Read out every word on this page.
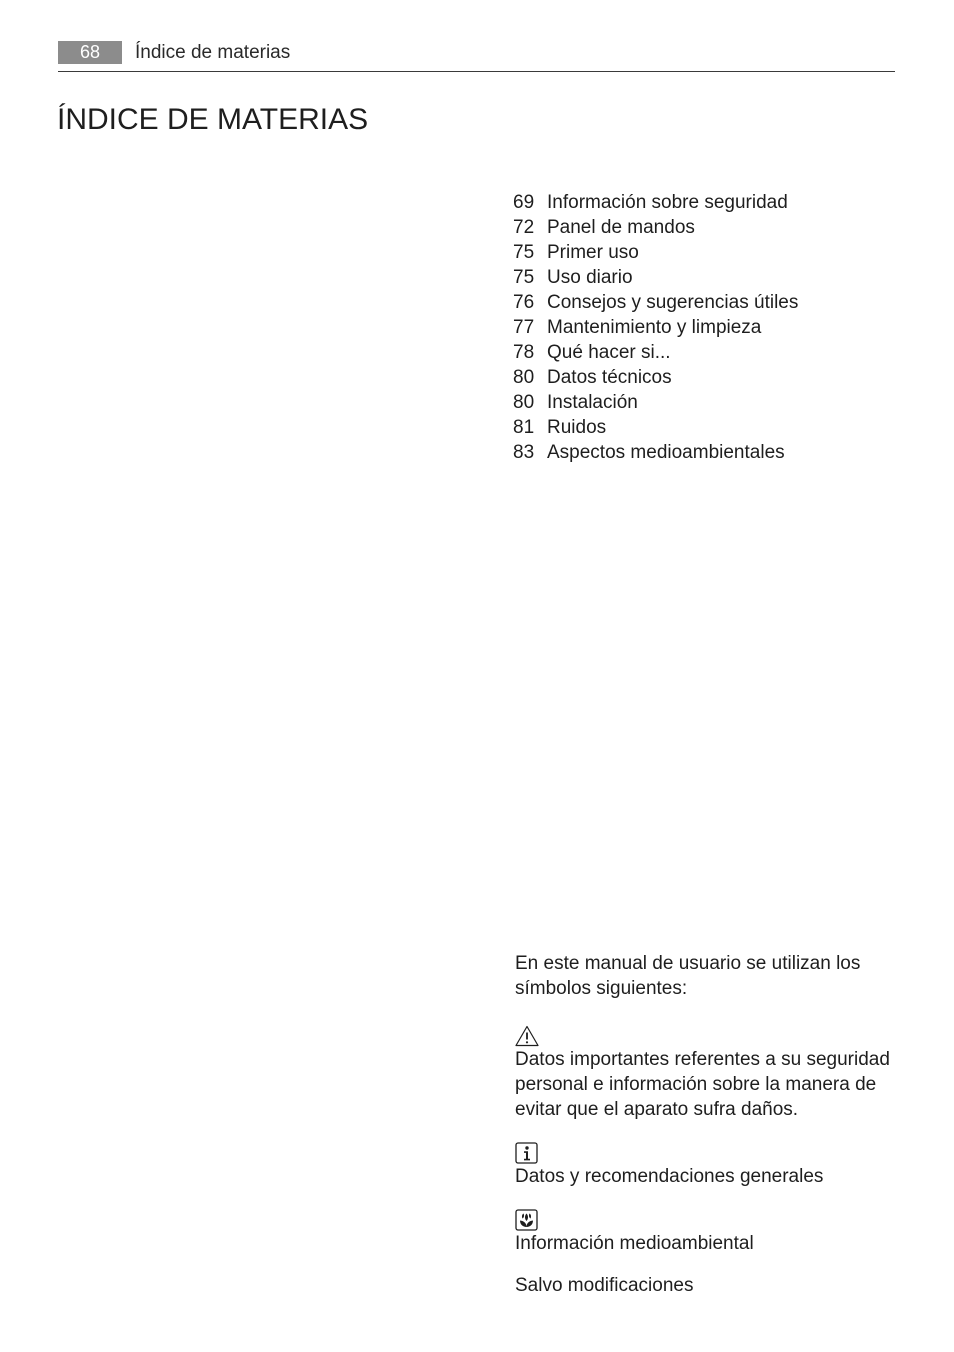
68	Índice de materias
ÍNDICE DE MATERIAS
69 Información sobre seguridad
72 Panel de mandos
75 Primer uso
75 Uso diario
76 Consejos y sugerencias útiles
77 Mantenimiento y limpieza
78 Qué hacer si...
80 Datos técnicos
80 Instalación
81 Ruidos
83 Aspectos medioambientales

En este manual de usuario se utilizan los símbolos siguientes:

Datos importantes referentes a su seguridad personal e información sobre la manera de evitar que el aparato sufra daños.

Datos y recomendaciones generales

Información medioambiental

Salvo modificaciones
